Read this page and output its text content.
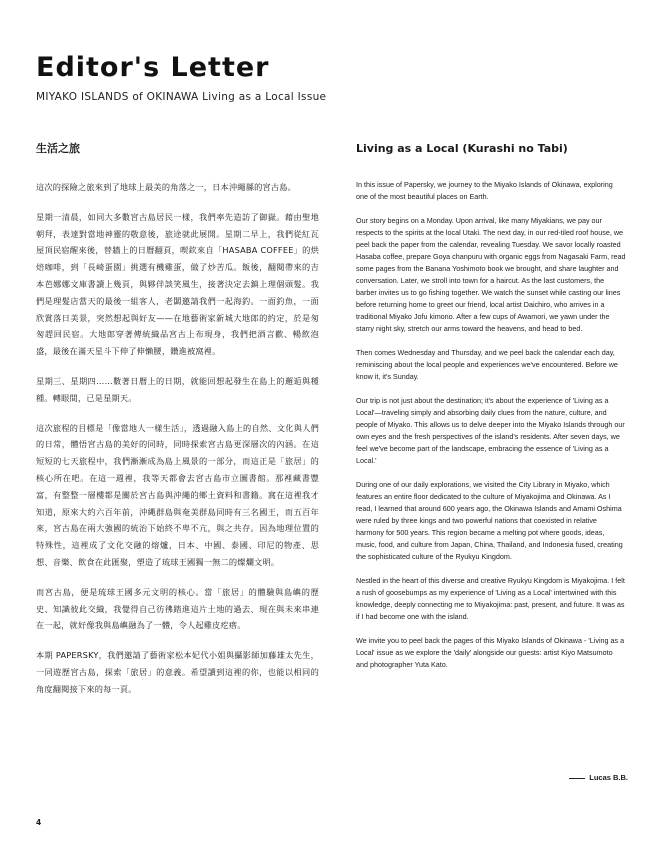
Editor's Letter
MIYAKO ISLANDS of OKINAWA Living as a Local Issue
生活之旅

這次的探險之旅來到了地球上最美的角落之一，日本沖繩縣的宮古島。

星期一清晨，如同大多數宮古島居民一樣，我們率先造訪了御嶽。藉由聖地朝拜，表達對當地神靈的敬意後，旅途就此展開。星期二早上，我們從紅瓦屋頂民宿醒來後，替牆上的日曆翻頁，喫欽來自「HASABA COFFEE」的烘焙咖啡，到「長崎蛋園」挑選有機雞蛋，做了炒苦瓜。飯後，翻閱帶來的吉本芭娜娜文庫書讀上幾頁，與夥伴談笑風生，接著決定去鎮上理個頭髮。我們是理髮店當天的最後一組客人，老闆邀請我們一起海釣。一面釣魚，一面欣賞落日美景，突然想起與好友——在地藝術家新城大地郎的約定，於是匆匆趕回民宿。大地郎穿著傳統織品宮古上布現身，我們把酒言歡、暢飲泡盛，最後在滿天星斗下伸了伸懶腰，鑽進被窩裡。

星期三、星期四……數著日曆上的日期，就能回想起發生在島上的邂逅與種種。轉眼間，已是星期天。

這次旅程的目標是「像當地人一樣生活」，透過融入島上的自然、文化與人們的日常，體悟宮古島的美好的同時，同時探索宮古島更深層次的內涵。在這短短的七天旅程中，我們漸漸成為島上風景的一部分，而這正是「旅居」的核心所在吧。在這一週裡，我等天都會去宮古島市立圖書館。那裡藏書豐富，有整整一層樓都是關於宮古島與沖繩的鄉土資料和書籍。窩在這裡我才知道，原來大約六百年前，沖縄群島與奄美群島同時有三名國王，而五百年來，宮古島在兩大強國的統治下始終不卑不亢，與之共存。因為地理位置的特殊性，這裡成了文化交融的熔爐，日本、中國、泰國、印尼的物產、思想、音樂、飲食在此匯聚，塑造了琉球王國獨一無二的燦爛文明。

而宮古島，便是琉球王國多元文明的核心。當「旅居」的體驗與島嶼的歷史、知識彼此交織，我覺得自己彷彿踏進這片土地的過去、現在與未來串連在一起，就好像我與島嶼融為了一體，令人起雞皮疙瘩。

本期 PAPERSKY，我們邀請了藝術家松本妃代小姐與攝影師加藤雄太先生，一同遊歷宮古島，探索「旅居」的意義。希望讀到這裡的你，也能以相同的角度翻閱接下來的每一頁。

Living as a Local (Kurashi no Tabi)

In this issue of Papersky, we journey to the Miyako Islands of Okinawa, exploring one of the most beautiful places on Earth.

Our story begins on a Monday. Upon arrival, like many Miyakians, we pay our respects to the spirits at the local Utaki. The next day, in our red-tiled roof house, we peel back the paper from the calendar, revealing Tuesday. We savor locally roasted Hasaba coffee, prepare Goya chanpuru with organic eggs from Nagasaki Farm, read some pages from the Banana Yoshimoto book we brought, and share laughter and conversation. Later, we stroll into town for a haircut. As the last customers, the barber invites us to go fishing together. We watch the sunset while casting our lines before returning home to greet our friend, local artist Daichiro, who arrives in a traditional Miyako Jofu kimono. After a few cups of Awamori, we yawn under the starry night sky, stretch our arms toward the heavens, and head to bed.

Then comes Wednesday and Thursday, and we peel back the calendar each day, reminiscing about the local people and experiences we've encountered. Before we know it, it's Sunday.

Our trip is not just about the destination; it's about the experience of 'Living as a Local'—traveling simply and absorbing daily clues from the nature, culture, and people of Miyako. This allows us to delve deeper into the Miyako Islands through our own eyes and the fresh perspectives of the island's residents. After seven days, we feel we've become part of the landscape, embracing the essence of 'Living as a Local.'

During one of our daily explorations, we visited the City Library in Miyako, which features an entire floor dedicated to the culture of Miyakojima and Okinawa. As I read, I learned that around 600 years ago, the Okinawa Islands and Amami Oshima were ruled by three kings and two powerful nations that coexisted in relative harmony for 500 years. This region became a melting pot where goods, ideas, music, food, and culture from Japan, China, Thailand, and Indonesia fused, creating the sophisticated culture of the Ryukyu Kingdom.

Nestled in the heart of this diverse and creative Ryukyu Kingdom is Miyakojima. I felt a rush of goosebumps as my experience of 'Living as a Local' intertwined with this knowledge, deeply connecting me to Miyakojima: past, present, and future. It was as if I had become one with the island.

We invite you to peel back the pages of this Miyako Islands of Okinawa - 'Living as a Local' issue as we explore the 'daily' alongside our guests: artist Kiyo Matsumoto and photographer Yuta Kato.

Lucas B.B.
4
